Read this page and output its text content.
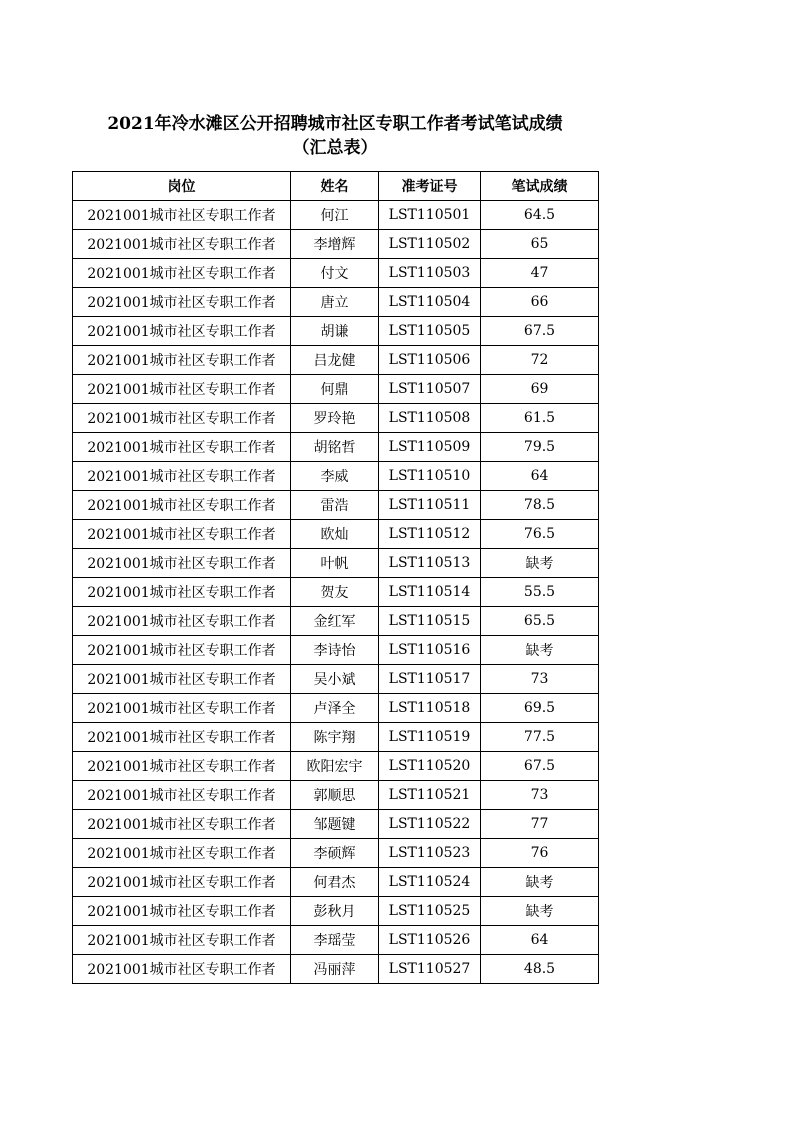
2021年冷水滩区公开招聘城市社区专职工作者考试笔试成绩
（汇总表）
岗位	姓名	准考证号	笔试成绩
2021001城市社区专职工作者	何江	LST110501	64.5
2021001城市社区专职工作者	李增辉	LST110502	65
2021001城市社区专职工作者	付文	LST110503	47
2021001城市社区专职工作者	唐立	LST110504	66
2021001城市社区专职工作者	胡谦	LST110505	67.5
2021001城市社区专职工作者	吕龙健	LST110506	72
2021001城市社区专职工作者	何鼎	LST110507	69
2021001城市社区专职工作者	罗玲艳	LST110508	61.5
2021001城市社区专职工作者	胡铭哲	LST110509	79.5
2021001城市社区专职工作者	李威	LST110510	64
2021001城市社区专职工作者	雷浩	LST110511	78.5
2021001城市社区专职工作者	欧灿	LST110512	76.5
2021001城市社区专职工作者	叶帆	LST110513	缺考
2021001城市社区专职工作者	贺友	LST110514	55.5
2021001城市社区专职工作者	金红军	LST110515	65.5
2021001城市社区专职工作者	李诗怡	LST110516	缺考
2021001城市社区专职工作者	吴小斌	LST110517	73
2021001城市社区专职工作者	卢泽全	LST110518	69.5
2021001城市社区专职工作者	陈宇翔	LST110519	77.5
2021001城市社区专职工作者	欧阳宏宇	LST110520	67.5
2021001城市社区专职工作者	郭顺思	LST110521	73
2021001城市社区专职工作者	邹题键	LST110522	77
2021001城市社区专职工作者	李硕辉	LST110523	76
2021001城市社区专职工作者	何君杰	LST110524	缺考
2021001城市社区专职工作者	彭秋月	LST110525	缺考
2021001城市社区专职工作者	李瑶莹	LST110526	64
2021001城市社区专职工作者	冯丽萍	LST110527	48.5
